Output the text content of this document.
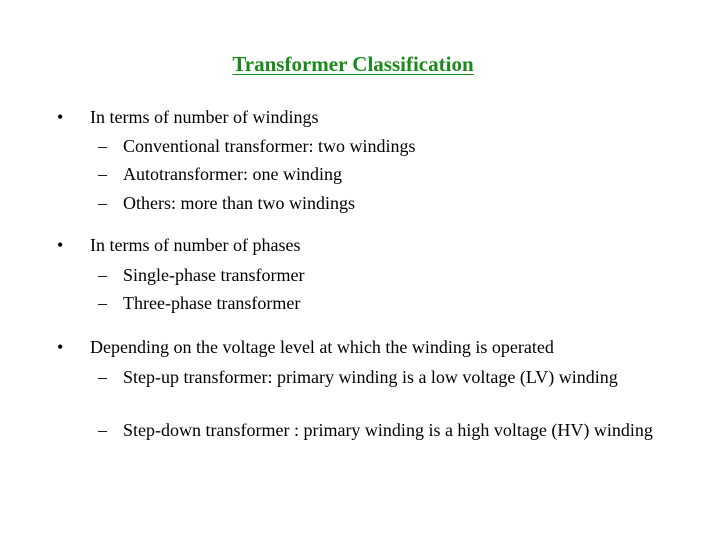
Transformer Classification
•	In terms of number of windings
– Conventional transformer: two windings
– Autotransformer: one winding
– Others: more than two windings
•	In terms of number of phases
– Single-phase transformer
– Three-phase transformer
•	Depending on the voltage level at which the winding is operated
– Step-up transformer: primary winding is a low voltage (LV) winding
– Step-down transformer : primary winding is a high voltage (HV) winding
